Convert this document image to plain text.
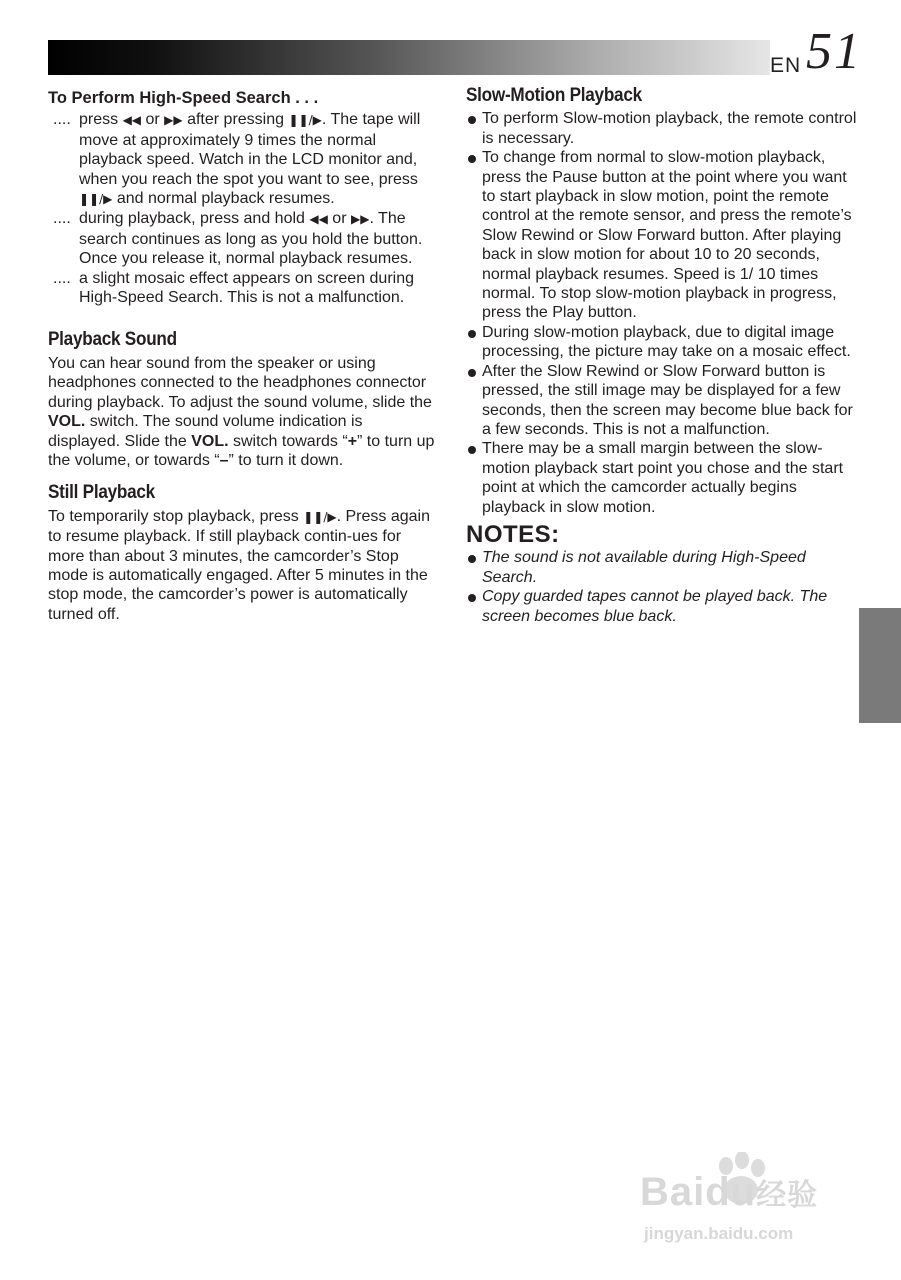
EN 51
To Perform High-Speed Search . . .
.... press ◀◀ or ▶▶ after pressing ❚❚/▶. The tape will move at approximately 9 times the normal playback speed. Watch in the LCD monitor and, when you reach the spot you want to see, press ❚❚/▶ and normal playback resumes.
.... during playback, press and hold ◀◀ or ▶▶. The search continues as long as you hold the button. Once you release it, normal playback resumes.
.... a slight mosaic effect appears on screen during High-Speed Search. This is not a malfunction.
Playback Sound

You can hear sound from the speaker or using headphones connected to the headphones connector during playback. To adjust the sound volume, slide the VOL. switch. The sound volume indication is displayed. Slide the VOL. switch towards “+” to turn up the volume, or towards “–” to turn it down.

Still Playback

To temporarily stop playback, press ❚❚/▶. Press again to resume playback. If still playback contin-ues for more than about 3 minutes, the camcorder’s Stop mode is automatically engaged. After 5 minutes in the stop mode, the camcorder’s power is automatically turned off.

Slow-Motion Playback
To perform Slow-motion playback, the remote control is necessary.
To change from normal to slow-motion playback, press the Pause button at the point where you want to start playback in slow motion, point the remote control at the remote sensor, and press the remote’s Slow Rewind or Slow Forward button. After playing back in slow motion for about 10 to 20 seconds, normal playback resumes. Speed is 1/ 10 times normal. To stop slow-motion playback in progress, press the Play button.
During slow-motion playback, due to digital image processing, the picture may take on a mosaic effect.
After the Slow Rewind or Slow Forward button is pressed, the still image may be displayed for a few seconds, then the screen may become blue back for a few seconds. This is not a malfunction.
There may be a small margin between the slow-motion playback start point you chose and the start point at which the camcorder actually begins playback in slow motion.
NOTES:
The sound is not available during High-Speed Search.
Copy guarded tapes cannot be played back. The screen becomes blue back.
Baidu经验
jingyan.baidu.com
